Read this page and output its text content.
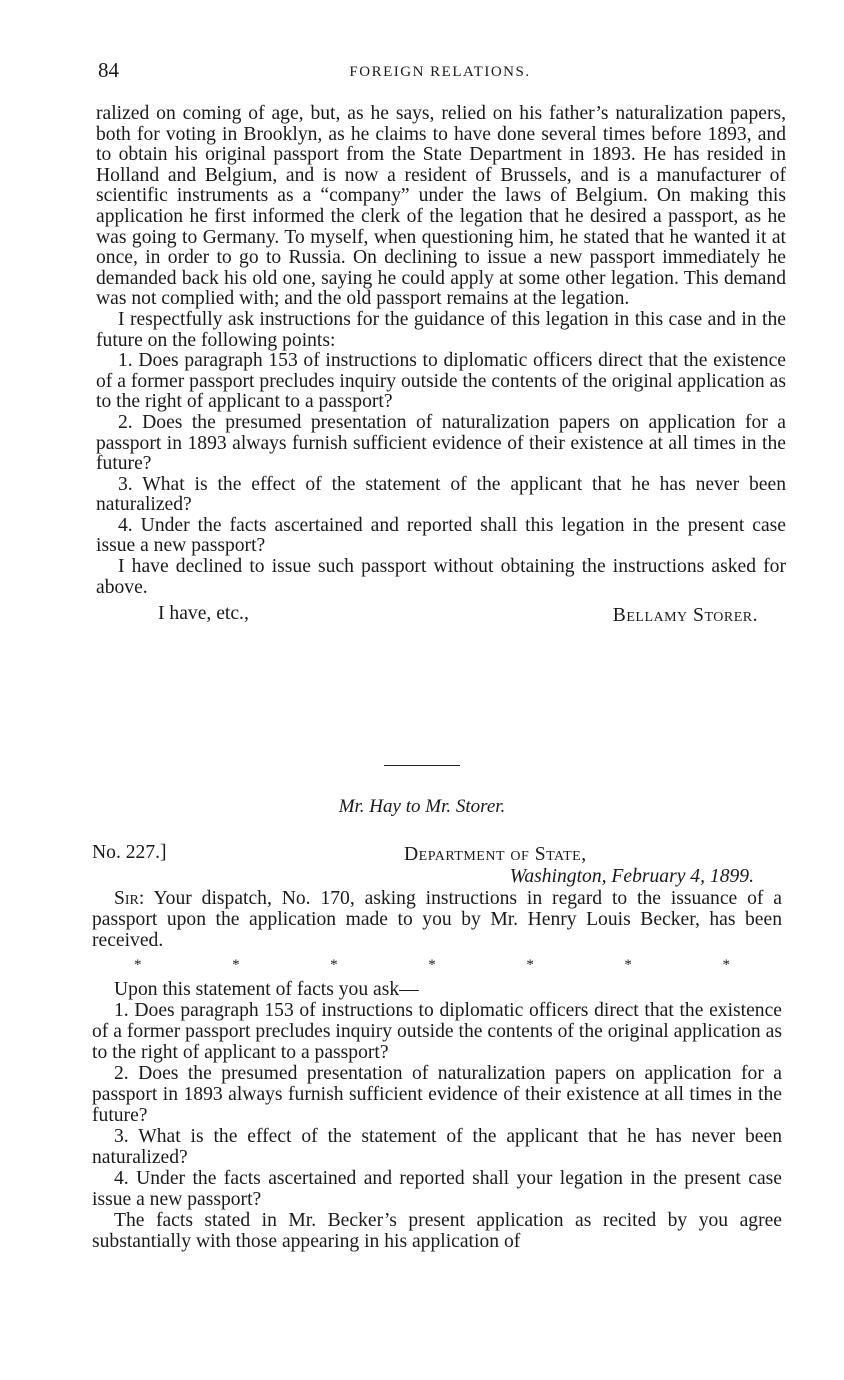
84	FOREIGN RELATIONS.

ralized on coming of age, but, as he says, relied on his father’s naturalization papers, both for voting in Brooklyn, as he claims to have done several times before 1893, and to obtain his original passport from the State Department in 1893. He has resided in Holland and Belgium, and is now a resident of Brussels, and is a manufacturer of scientific instruments as a “company” under the laws of Belgium. On making this application he first informed the clerk of the legation that he desired a passport, as he was going to Germany. To myself, when questioning him, he stated that he wanted it at once, in order to go to Russia. On declining to issue a new passport immediately he demanded back his old one, saying he could apply at some other legation. This demand was not complied with; and the old passport remains at the legation.

I respectfully ask instructions for the guidance of this legation in this case and in the future on the following points:

1. Does paragraph 153 of instructions to diplomatic officers direct that the existence of a former passport precludes inquiry outside the contents of the original application as to the right of applicant to a passport?

2. Does the presumed presentation of naturalization papers on application for a passport in 1893 always furnish sufficient evidence of their existence at all times in the future?

3. What is the effect of the statement of the applicant that he has never been naturalized?

4. Under the facts ascertained and reported shall this legation in the present case issue a new passport?

I have declined to issue such passport without obtaining the instructions asked for above.

I have, etc.,	Bellamy Storer.
Mr. Hay to Mr. Storer.
No. 227.]	Department of State,
Washington, February 4, 1899.

Sir: Your dispatch, No. 170, asking instructions in regard to the issuance of a passport upon the application made to you by Mr. Henry Louis Becker, has been received.

*	*	*	*	*	*	*

Upon this statement of facts you ask—

1. Does paragraph 153 of instructions to diplomatic officers direct that the existence of a former passport precludes inquiry outside the contents of the original application as to the right of applicant to a passport?

2. Does the presumed presentation of naturalization papers on application for a passport in 1893 always furnish sufficient evidence of their existence at all times in the future?

3. What is the effect of the statement of the applicant that he has never been naturalized?

4. Under the facts ascertained and reported shall your legation in the present case issue a new passport?

The facts stated in Mr. Becker’s present application as recited by you agree substantially with those appearing in his application of
